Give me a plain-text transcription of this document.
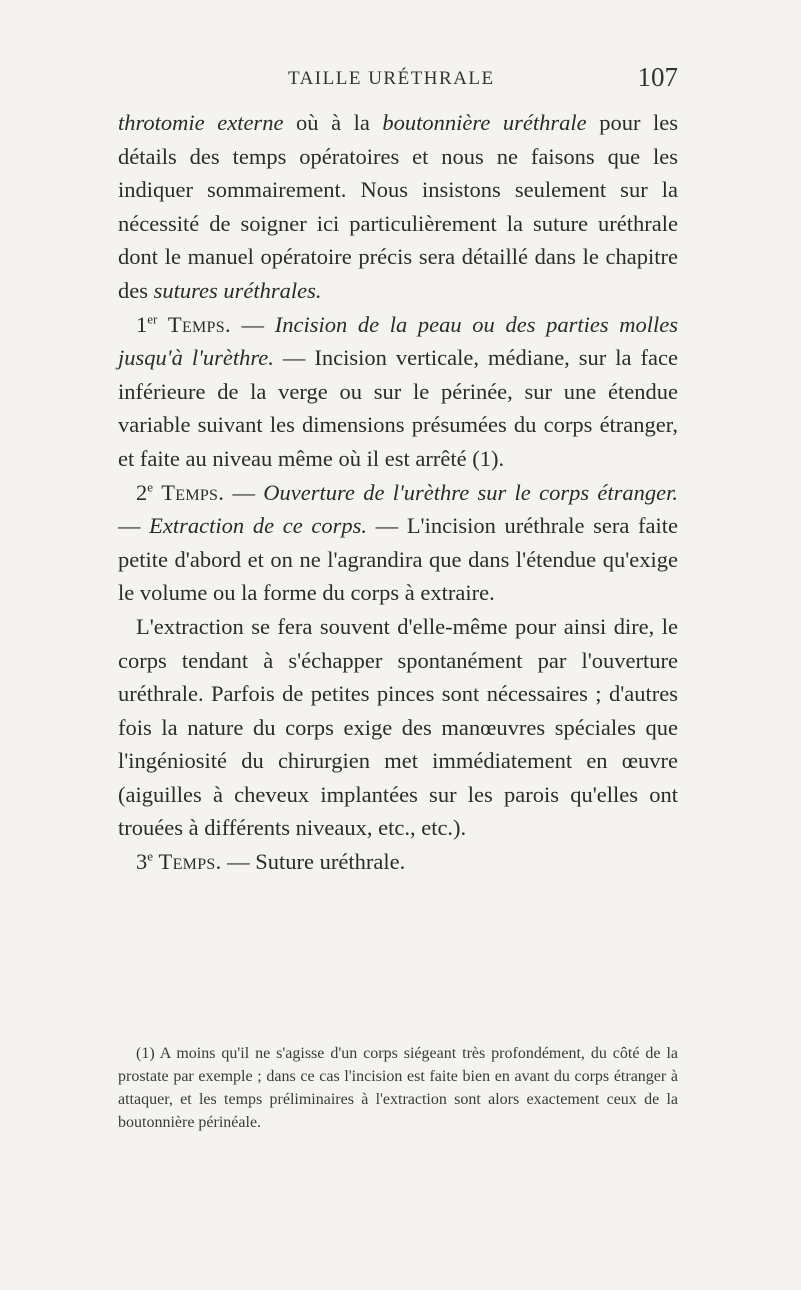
TAILLE URÉTHRALE	107

throtomie externe où à la boutonnière uréthrale pour les détails des temps opératoires et nous ne faisons que les indiquer sommairement. Nous insistons seulement sur la nécessité de soigner ici particulièrement la suture uréthrale dont le manuel opératoire précis sera détaillé dans le chapitre des sutures uréthrales.

1er Temps. — Incision de la peau ou des parties molles jusqu'à l'urèthre. — Incision verticale, médiane, sur la face inférieure de la verge ou sur le périnée, sur une étendue variable suivant les dimensions présumées du corps étranger, et faite au niveau même où il est arrêté (1).

2e Temps. — Ouverture de l'urèthre sur le corps étranger. — Extraction de ce corps. — L'incision uréthrale sera faite petite d'abord et on ne l'agrandira que dans l'étendue qu'exige le volume ou la forme du corps à extraire.

L'extraction se fera souvent d'elle-même pour ainsi dire, le corps tendant à s'échapper spontanément par l'ouverture uréthrale. Parfois de petites pinces sont nécessaires ; d'autres fois la nature du corps exige des manœuvres spéciales que l'ingéniosité du chirurgien met immédiatement en œuvre (aiguilles à cheveux implantées sur les parois qu'elles ont trouées à différents niveaux, etc., etc.).

3e Temps. — Suture uréthrale.

(1) A moins qu'il ne s'agisse d'un corps siégeant très profondément, du côté de la prostate par exemple ; dans ce cas l'incision est faite bien en avant du corps étranger à attaquer, et les temps préliminaires à l'extraction sont alors exactement ceux de la boutonnière périnéale.
